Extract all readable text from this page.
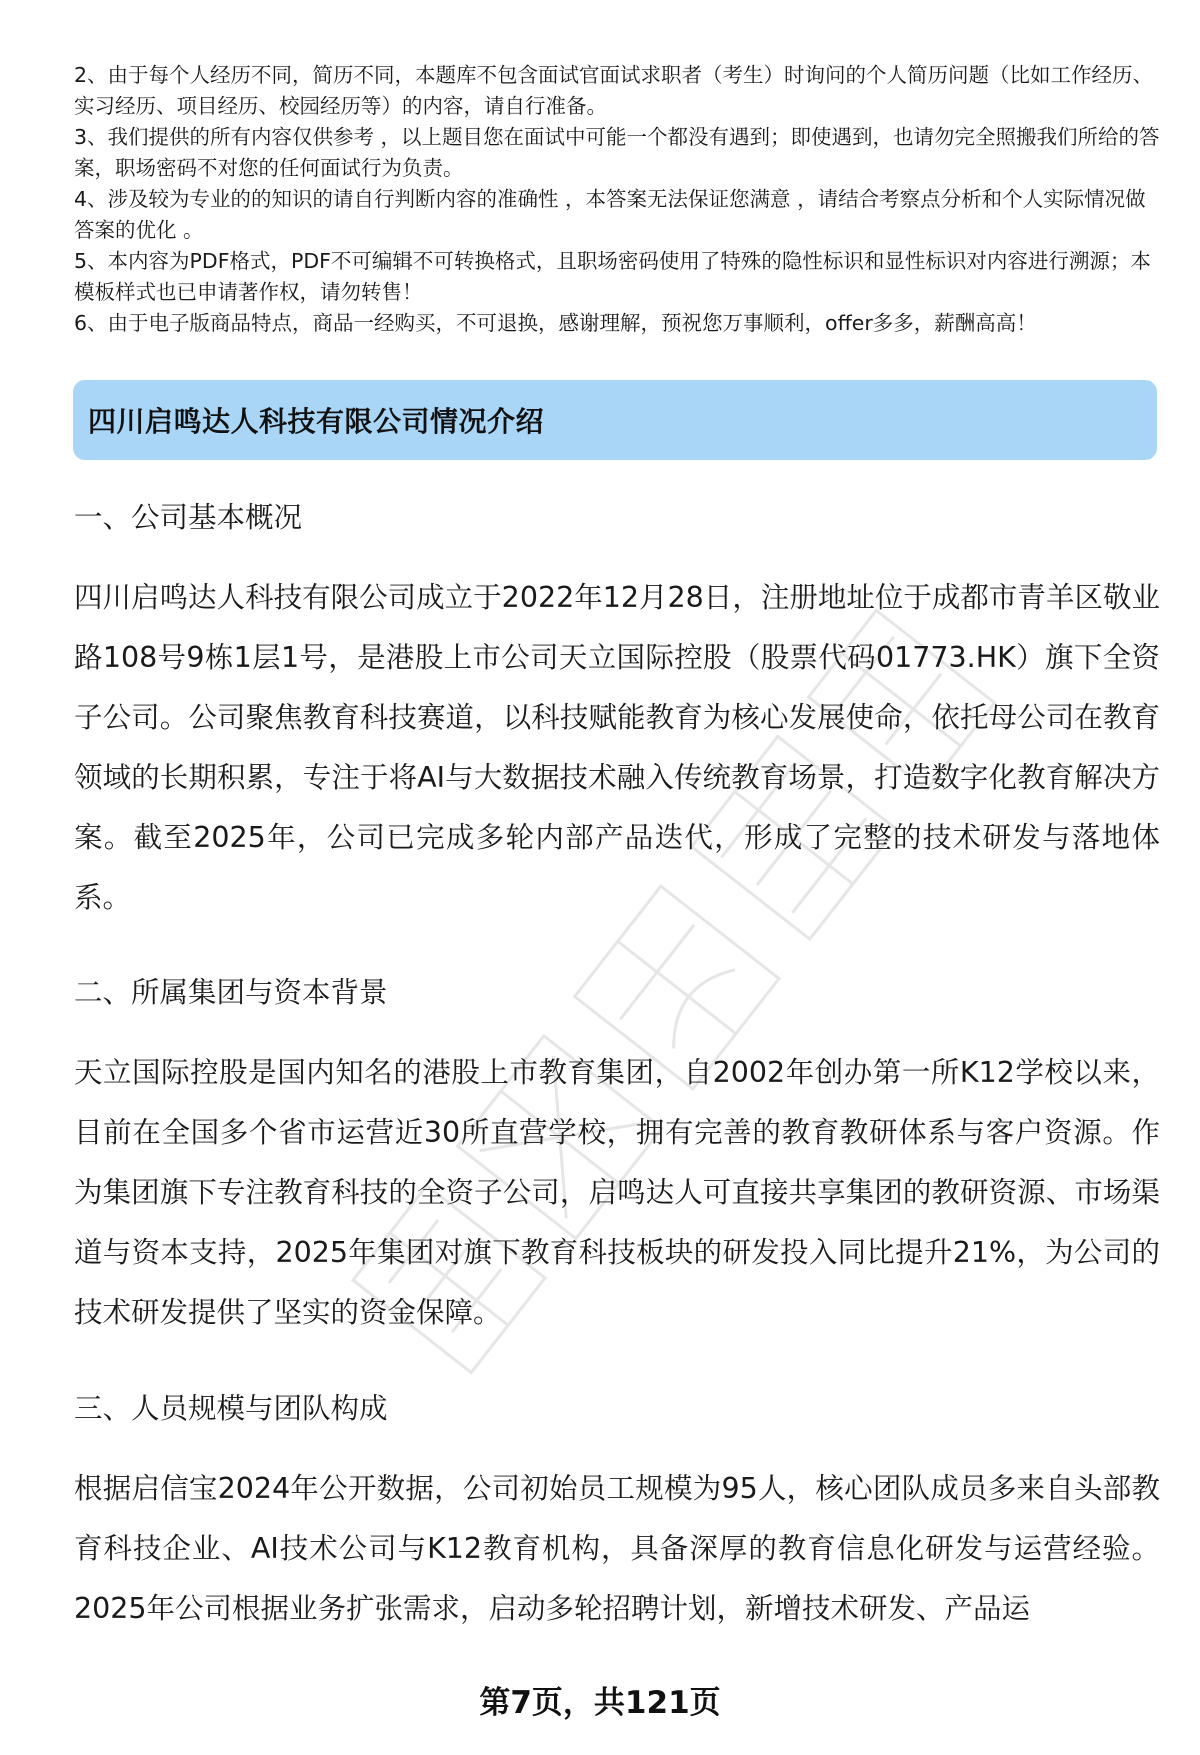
2、由于每个人经历不同，简历不同，本题库不包含面试官面试求职者（考生）时询问的个人简历问题（比如工作经历、实习经历、项目经历、校园经历等）的内容，请自行准备。

3、我们提供的所有内容仅供参考 ，以上题目您在面试中可能一个都没有遇到；即使遇到，也请勿完全照搬我们所给的答案，职场密码不对您的任何面试行为负责。

4、涉及较为专业的的知识的请自行判断内容的准确性 ，本答案无法保证您满意 ，请结合考察点分析和个人实际情况做答案的优化 。

5、本内容为PDF格式，PDF不可编辑不可转换格式，且职场密码使用了特殊的隐性标识和显性标识对内容进行溯源；本模板样式也已申请著作权，请勿转售！

6、由于电子版商品特点，商品一经购买，不可退换，感谢理解，预祝您万事顺利，offer多多，薪酬高高！

四川启鸣达人科技有限公司情况介绍

一、公司基本概况

四川启鸣达人科技有限公司成立于2022年12月28日，注册地址位于成都市青羊区敬业路108号9栋1层1号，是港股上市公司天立国际控股（股票代码01773.HK）旗下全资子公司。公司聚焦教育科技赛道，以科技赋能教育为核心发展使命，依托母公司在教育领域的长期积累，专注于将AI与大数据技术融入传统教育场景，打造数字化教育解决方案。截至2025年，公司已完成多轮内部产品迭代，形成了完整的技术研发与落地体系。

二、所属集团与资本背景

天立国际控股是国内知名的港股上市教育集团，自2002年创办第一所K12学校以来，目前在全国多个省市运营近30所直营学校，拥有完善的教育教研体系与客户资源。作为集团旗下专注教育科技的全资子公司，启鸣达人可直接共享集团的教研资源、市场渠道与资本支持，2025年集团对旗下教育科技板块的研发投入同比提升21%，为公司的技术研发提供了坚实的资金保障。

三、人员规模与团队构成

根据启信宝2024年公开数据，公司初始员工规模为95人，核心团队成员多来自头部教育科技企业、AI技术公司与K12教育机构，具备深厚的教育信息化研发与运营经验。2025年公司根据业务扩张需求，启动多轮招聘计划，新增技术研发、产品运

第7页，共121页
